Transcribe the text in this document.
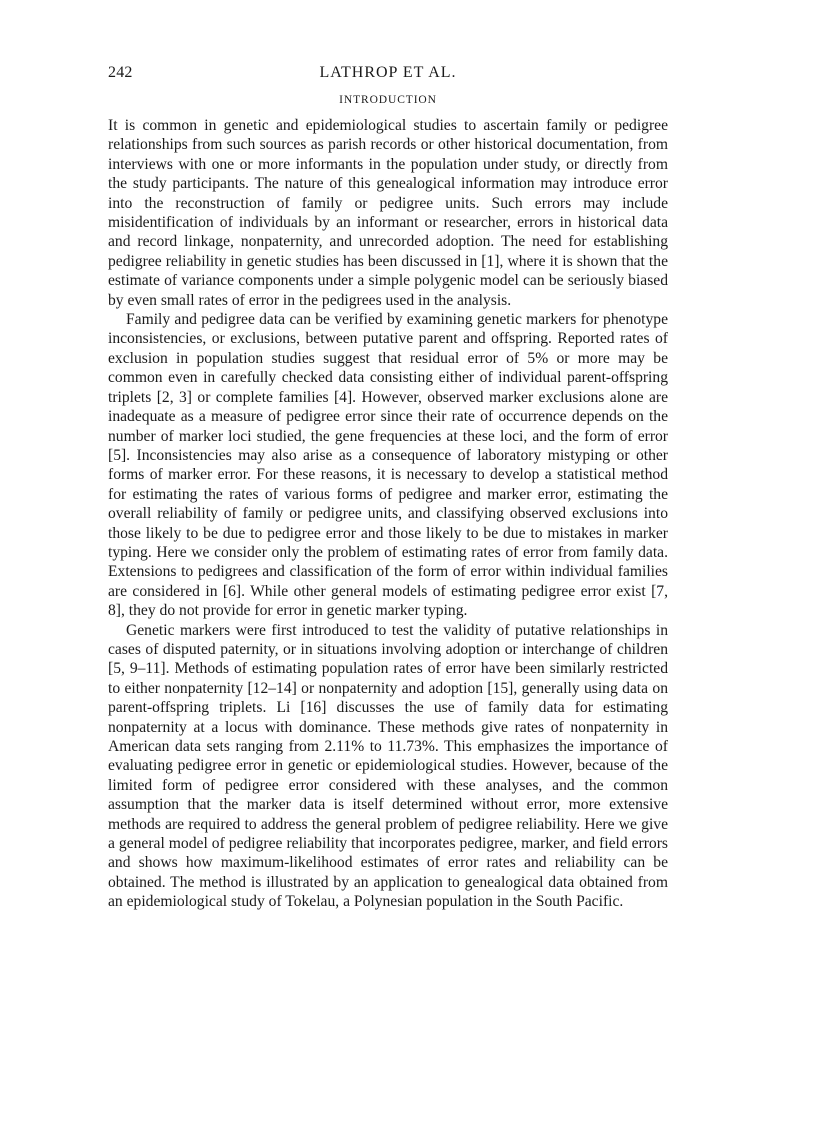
242	LATHROP ET AL.
INTRODUCTION

It is common in genetic and epidemiological studies to ascertain family or pedigree relationships from such sources as parish records or other historical documentation, from interviews with one or more informants in the population under study, or directly from the study participants. The nature of this genealogical information may introduce error into the reconstruction of family or pedigree units. Such errors may include misidentification of individuals by an informant or researcher, errors in historical data and record linkage, nonpaternity, and unrecorded adoption. The need for establishing pedigree reliability in genetic studies has been discussed in [1], where it is shown that the estimate of variance components under a simple polygenic model can be seriously biased by even small rates of error in the pedigrees used in the analysis.

Family and pedigree data can be verified by examining genetic markers for phenotype inconsistencies, or exclusions, between putative parent and offspring. Reported rates of exclusion in population studies suggest that residual error of 5% or more may be common even in carefully checked data consisting either of individual parent-offspring triplets [2, 3] or complete families [4]. However, observed marker exclusions alone are inadequate as a measure of pedigree error since their rate of occurrence depends on the number of marker loci studied, the gene frequencies at these loci, and the form of error [5]. Inconsistencies may also arise as a consequence of laboratory mistyping or other forms of marker error. For these reasons, it is necessary to develop a statistical method for estimating the rates of various forms of pedigree and marker error, estimating the overall reliability of family or pedigree units, and classifying observed exclusions into those likely to be due to pedigree error and those likely to be due to mistakes in marker typing. Here we consider only the problem of estimating rates of error from family data. Extensions to pedigrees and classification of the form of error within individual families are considered in [6]. While other general models of estimating pedigree error exist [7, 8], they do not provide for error in genetic marker typing.

Genetic markers were first introduced to test the validity of putative relationships in cases of disputed paternity, or in situations involving adoption or interchange of children [5, 9–11]. Methods of estimating population rates of error have been similarly restricted to either nonpaternity [12–14] or nonpaternity and adoption [15], generally using data on parent-offspring triplets. Li [16] discusses the use of family data for estimating nonpaternity at a locus with dominance. These methods give rates of nonpaternity in American data sets ranging from 2.11% to 11.73%. This emphasizes the importance of evaluating pedigree error in genetic or epidemiological studies. However, because of the limited form of pedigree error considered with these analyses, and the common assumption that the marker data is itself determined without error, more extensive methods are required to address the general problem of pedigree reliability. Here we give a general model of pedigree reliability that incorporates pedigree, marker, and field errors and shows how maximum-likelihood estimates of error rates and reliability can be obtained. The method is illustrated by an application to genealogical data obtained from an epidemiological study of Tokelau, a Polynesian population in the South Pacific.
